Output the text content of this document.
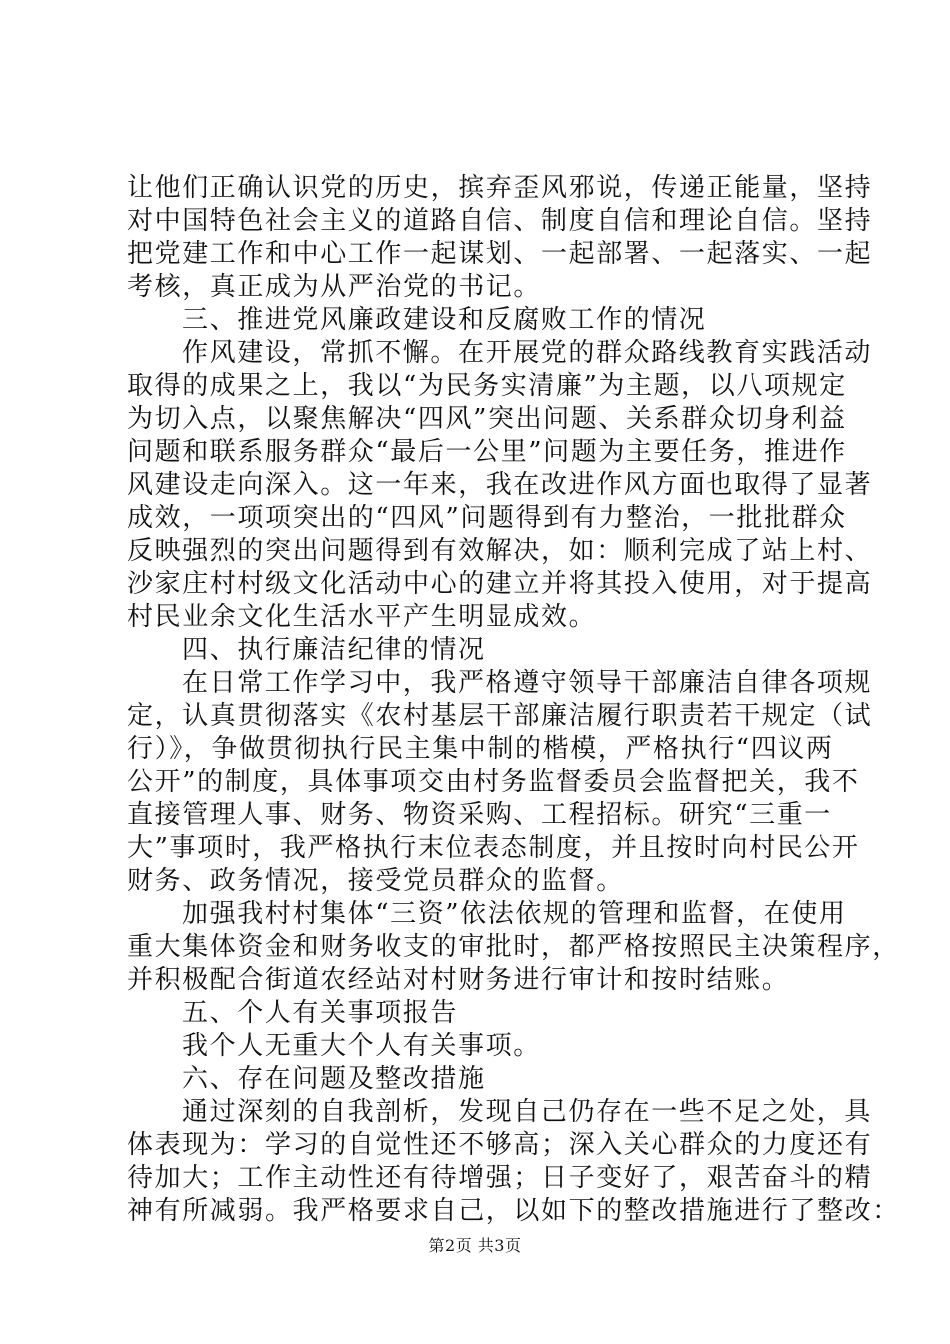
让他们正确认识党的历史，摈弃歪风邪说，传递正能量，坚持
对中国特色社会主义的道路自信、制度自信和理论自信。坚持
把党建工作和中心工作一起谋划、一起部署、一起落实、一起
考核，真正成为从严治党的书记。
三、推进党风廉政建设和反腐败工作的情况
作风建设，常抓不懈。在开展党的群众路线教育实践活动
取得的成果之上，我以“为民务实清廉”为主题，以八项规定
为切入点，以聚焦解决“四风”突出问题、关系群众切身利益
问题和联系服务群众“最后一公里”问题为主要任务，推进作
风建设走向深入。这一年来，我在改进作风方面也取得了显著
成效，一项项突出的“四风”问题得到有力整治，一批批群众
反映强烈的突出问题得到有效解决，如：顺利完成了站上村、
沙家庄村村级文化活动中心的建立并将其投入使用，对于提高
村民业余文化生活水平产生明显成效。
四、执行廉洁纪律的情况
在日常工作学习中，我严格遵守领导干部廉洁自律各项规
定，认真贯彻落实《农村基层干部廉洁履行职责若干规定（试
行）》，争做贯彻执行民主集中制的楷模，严格执行“四议两
公开”的制度，具体事项交由村务监督委员会监督把关，我不
直接管理人事、财务、物资采购、工程招标。研究“三重一
大”事项时，我严格执行末位表态制度，并且按时向村民公开
财务、政务情况，接受党员群众的监督。
加强我村村集体“三资”依法依规的管理和监督，在使用
重大集体资金和财务收支的审批时，都严格按照民主决策程序，
并积极配合街道农经站对村财务进行审计和按时结账。
五、个人有关事项报告
我个人无重大个人有关事项。
六、存在问题及整改措施
通过深刻的自我剖析，发现自己仍存在一些不足之处，具
体表现为：学习的自觉性还不够高；深入关心群众的力度还有
待加大；工作主动性还有待增强；日子变好了，艰苦奋斗的精
神有所减弱。我严格要求自己，以如下的整改措施进行了整改：
第2页 共3页
